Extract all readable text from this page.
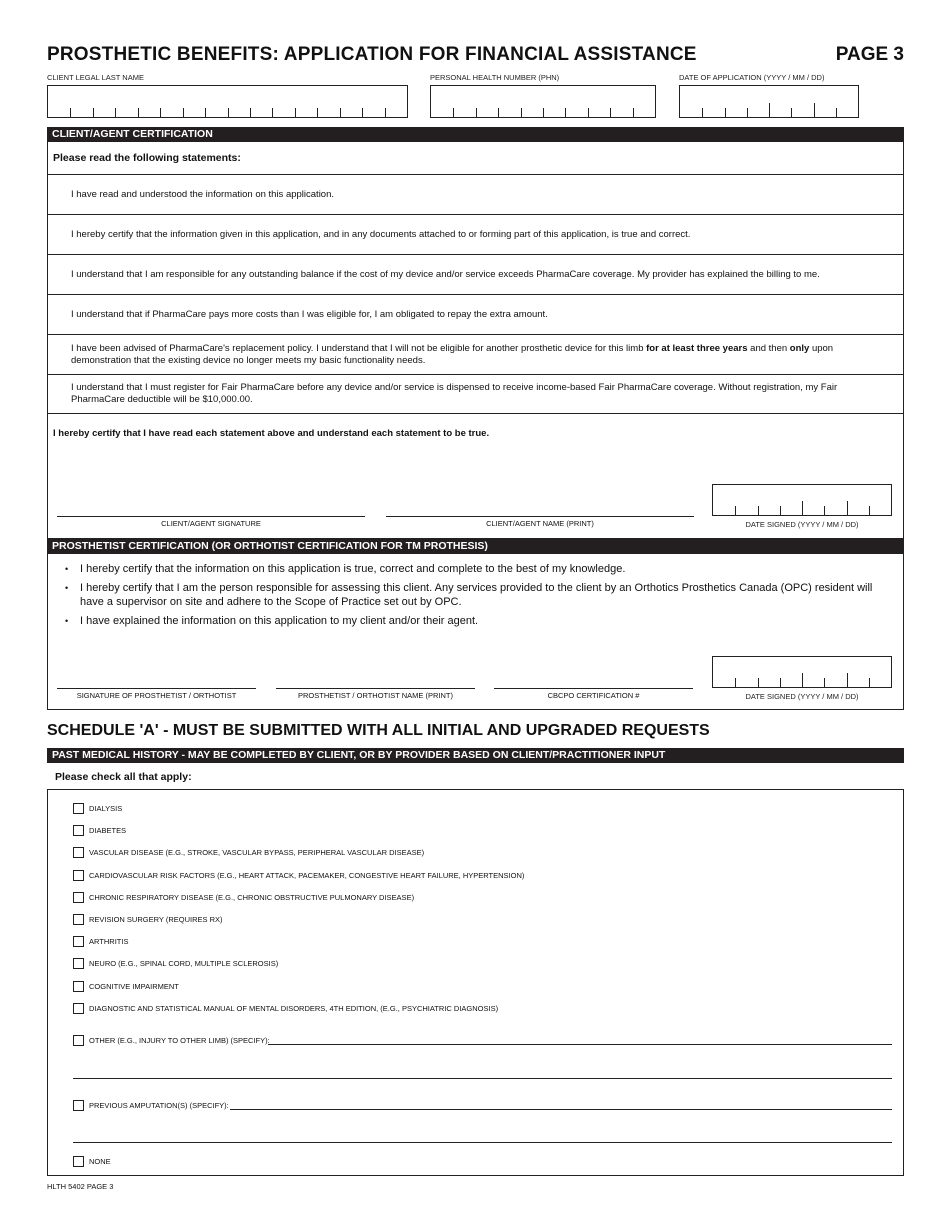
PROSTHETIC BENEFITS: APPLICATION FOR FINANCIAL ASSISTANCE	PAGE 3
CLIENT LEGAL LAST NAME	PERSONAL HEALTH NUMBER (PHN)	DATE OF APPLICATION (YYYY / MM / DD)
CLIENT/AGENT CERTIFICATION
Please read the following statements:
I have read and understood the information on this application.
I hereby certify that the information given in this application, and in any documents attached to or forming part of this application, is true and correct.
I understand that I am responsible for any outstanding balance if the cost of my device and/or service exceeds PharmaCare coverage. My provider has explained the billing to me.
I understand that if PharmaCare pays more costs than I was eligible for, I am obligated to repay the extra amount.
I have been advised of PharmaCare's replacement policy. I understand that I will not be eligible for another prosthetic device for this limb for at least three years and then only upon demonstration that the existing device no longer meets my basic functionality needs.
I understand that I must register for Fair PharmaCare before any device and/or service is dispensed to receive income-based Fair PharmaCare coverage. Without registration, my Fair PharmaCare deductible will be $10,000.00.
I hereby certify that I have read each statement above and understand each statement to be true.
CLIENT/AGENT SIGNATURE	CLIENT/AGENT NAME (PRINT)	DATE SIGNED (YYYY / MM / DD)
PROSTHETIST CERTIFICATION (OR ORTHOTIST CERTIFICATION FOR TM PROTHESIS)
• I hereby certify that the information on this application is true, correct and complete to the best of my knowledge.
• I hereby certify that I am the person responsible for assessing this client. Any services provided to the client by an Orthotics Prosthetics Canada (OPC) resident will have a supervisor on site and adhere to the Scope of Practice set out by OPC.
• I have explained the information on this application to my client and/or their agent.
SIGNATURE OF PROSTHETIST / ORTHOTIST	PROSTHETIST / ORTHOTIST NAME (PRINT)	CBCPO CERTIFICATION #	DATE SIGNED (YYYY / MM / DD)
SCHEDULE 'A' - MUST BE SUBMITTED WITH ALL INITIAL AND UPGRADED REQUESTS
PAST MEDICAL HISTORY - MAY BE COMPLETED BY CLIENT, OR BY PROVIDER BASED ON CLIENT/PRACTITIONER INPUT
Please check all that apply:
DIALYSIS
DIABETES
VASCULAR DISEASE (E.G., STROKE, VASCULAR BYPASS, PERIPHERAL VASCULAR DISEASE)
CARDIOVASCULAR RISK FACTORS (E.G., HEART ATTACK, PACEMAKER, CONGESTIVE HEART FAILURE, HYPERTENSION)
CHRONIC RESPIRATORY DISEASE (E.G., CHRONIC OBSTRUCTIVE PULMONARY DISEASE)
REVISION SURGERY (REQUIRES RX)
ARTHRITIS
NEURO (E.G., SPINAL CORD, MULTIPLE SCLEROSIS)
COGNITIVE IMPAIRMENT
DIAGNOSTIC AND STATISTICAL MANUAL OF MENTAL DISORDERS, 4TH EDITION, (E.G., PSYCHIATRIC DIAGNOSIS)
OTHER (E.G., INJURY TO OTHER LIMB) (SPECIFY):
PREVIOUS AMPUTATION(S) (SPECIFY):
NONE
HLTH 5402 PAGE 3
